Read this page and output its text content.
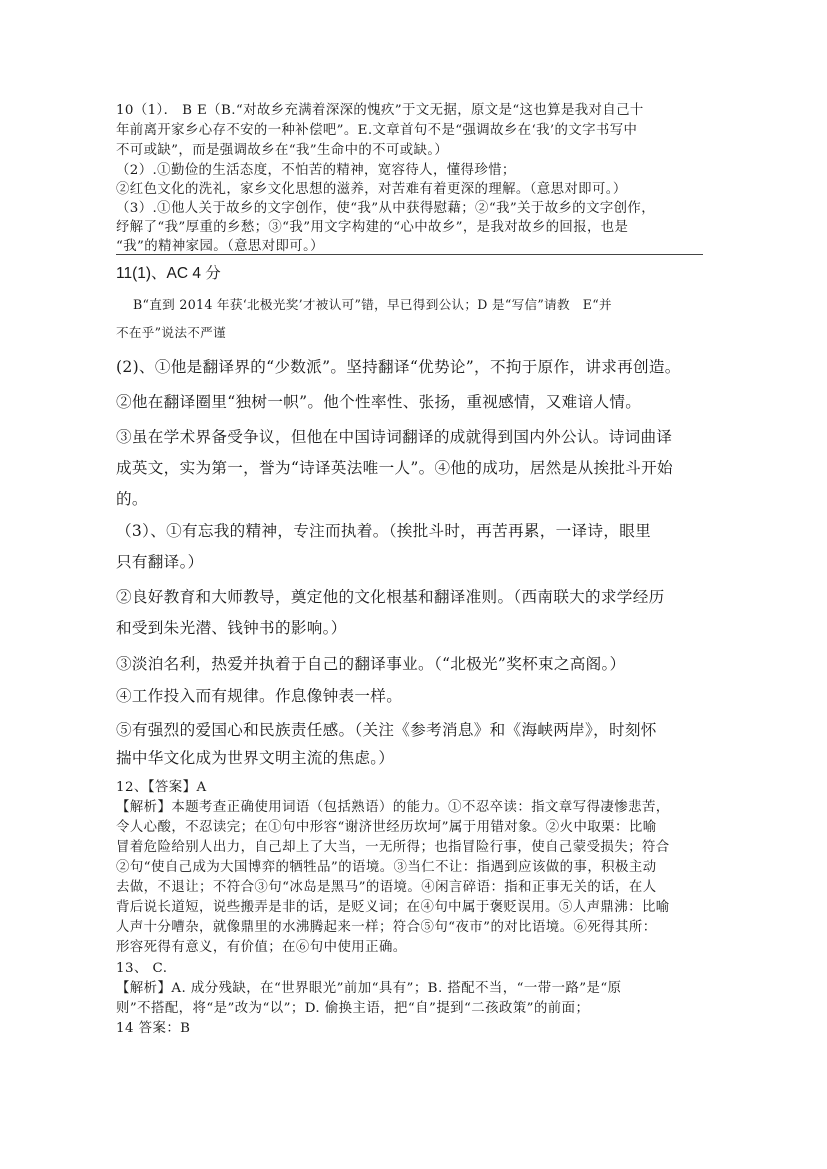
10（1）． B E（B.“对故乡充满着深深的愧疚”于文无据，原文是“这也算是我对自己十
年前离开家乡心存不安的一种补偿吧”。E.文章首句不是“强调故乡在‘我’的文字书写中
不可或缺”，而是强调故乡在“我”生命中的不可或缺。）
（2）.①勤俭的生活态度，不怕苦的精神，宽容待人，懂得珍惜；
②红色文化的洗礼，家乡文化思想的滋养，对苦难有着更深的理解。（意思对即可。）
（3）.①他人关于故乡的文字创作，使“我”从中获得慰藉；②“我”关于故乡的文字创作，
纾解了“我”厚重的乡愁；③“我”用文字构建的“心中故乡”，是我对故乡的回报，也是
“我”的精神家园。（意思对即可。）
11(1)、AC 4 分
B“直到 2014 年获‘北极光奖’才被认可”错，早已得到公认；D 是“写信”请教　E“并
不在乎”说法不严谨
(2)、①他是翻译界的“少数派”。坚持翻译“优势论”，不拘于原作，讲求再创造。
②他在翻译圈里“独树一帜”。他个性率性、张扬，重视感情，又难谙人情。
③虽在学术界备受争议，但他在中国诗词翻译的成就得到国内外公认。诗词曲译
成英文，实为第一，誉为“诗译英法唯一人”。④他的成功，居然是从挨批斗开始
的。
（3）、①有忘我的精神，专注而执着。（挨批斗时，再苦再累，一译诗，眼里
只有翻译。）
②良好教育和大师教导，奠定他的文化根基和翻译准则。（西南联大的求学经历
和受到朱光潜、钱钟书的影响。）
③淡泊名利，热爱并执着于自己的翻译事业。（“北极光”奖杯束之高阁。）
④工作投入而有规律。作息像钟表一样。
⑤有强烈的爱国心和民族责任感。（关注《参考消息》和《海峡两岸》，时刻怀
揣中华文化成为世界文明主流的焦虑。）
12、【答案】A
【解析】本题考查正确使用词语（包括熟语）的能力。①不忍卒读：指文章写得凄惨悲苦，
令人心酸，不忍读完；在①句中形容“谢济世经历坎坷”属于用错对象。②火中取栗：比喻
冒着危险给别人出力，自己却上了大当，一无所得；也指冒险行事，使自己蒙受损失；符合
②句“使自己成为大国博弈的牺牲品”的语境。③当仁不让：指遇到应该做的事，积极主动
去做，不退让；不符合③句“冰岛是黑马”的语境。④闲言碎语：指和正事无关的话，在人
背后说长道短，说些搬弄是非的话，是贬义词；在④句中属于褒贬误用。⑤人声鼎沸：比喻
人声十分嘈杂，就像鼎里的水沸腾起来一样；符合⑤句“夜市”的对比语境。⑥死得其所：
形容死得有意义，有价值；在⑥句中使用正确。
13、 C.
【解析】A. 成分残缺，在“世界眼光”前加“具有”；B. 搭配不当，“一带一路”是“原
则”不搭配，将“是”改为“以”；D. 偷换主语，把“自”提到“二孩政策”的前面；
14 答案：B
